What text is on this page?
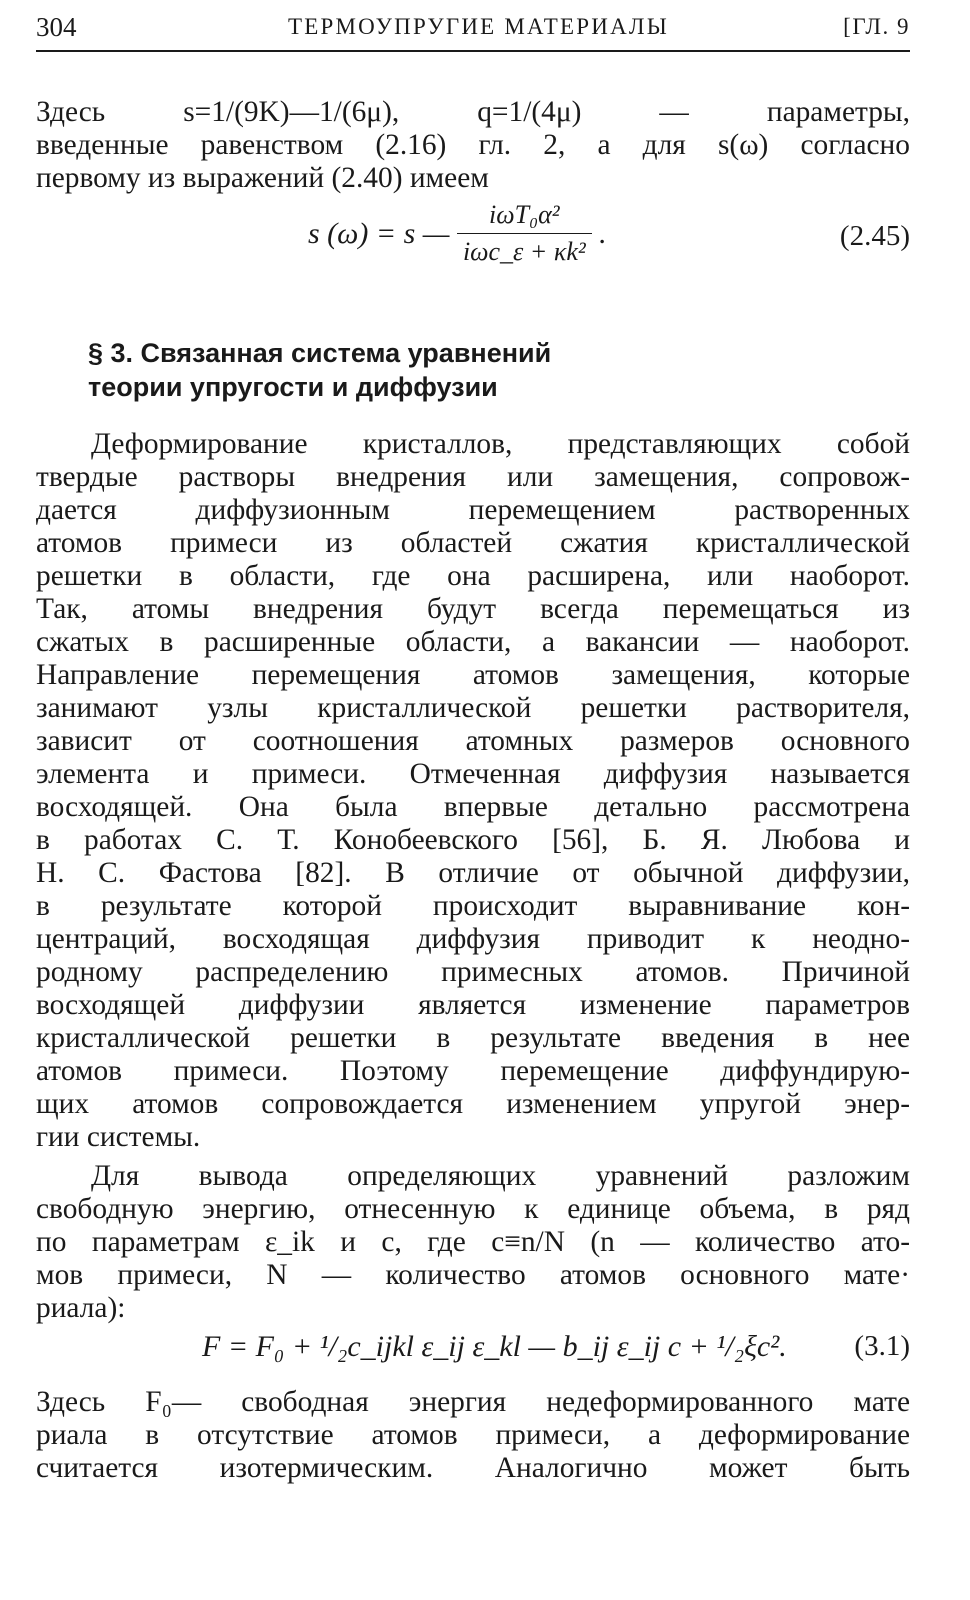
304	ТЕРМОУПРУГИЕ МАТЕРИАЛЫ	[ГЛ. 9

Здесь s=1/(9K)—1/(6μ), q=1/(4μ) — параметры,
введенные равенством (2.16) гл. 2, а для s(ω) согласно
первому из выражений (2.40) имеем

s (ω) = s — $\frac{\text{iωT₀α²}}{\text{iωc\_ε + κk²}}$ .	(2.45)
§ 3. Связанная система уравнений
теории упругости и диффузии

Деформирование кристаллов, представляющих собой
твердые растворы внедрения или замещения, сопровож-
дается диффузионным перемещением растворенных
атомов примеси из областей сжатия кристаллической
решетки в области, где она расширена, или наоборот.
Так, атомы внедрения будут всегда перемещаться из
сжатых в расширенные области, а вакансии — наоборот.
Направление перемещения атомов замещения, которые
занимают узлы кристаллической решетки растворителя,
зависит от соотношения атомных размеров основного
элемента и примеси. Отмеченная диффузия называется
восходящей. Она была впервые детально рассмотрена
в работах С. Т. Конобеевского [56], Б. Я. Любова и
Н. С. Фастова [82]. В отличие от обычной диффузии,
в результате которой происходит выравнивание кон-
центраций, восходящая диффузия приводит к неодно-
родному распределению примесных атомов. Причиной
восходящей диффузии является изменение параметров
кристаллической решетки в результате введения в нее
атомов примеси. Поэтому перемещение диффундирую-
щих атомов сопровождается изменением упругой энер-
гии системы.

Для вывода определяющих уравнений разложим
свободную энергию, отнесенную к единице объема, в ряд
по параметрам ε_ik и c, где c≡n/N (n — количество ато-
мов примеси, N — количество атомов основного мате·
риала):

F = F₀ + ¹/₂c_ijkl ε_ij ε_kl — b_ij ε_ij c + ¹/₂ξc². (3.1)

Здесь F₀— свободная энергия недеформированного мате
риала в отсутствие атомов примеси, а деформирование
считается изотермическим. Аналогично может быть
